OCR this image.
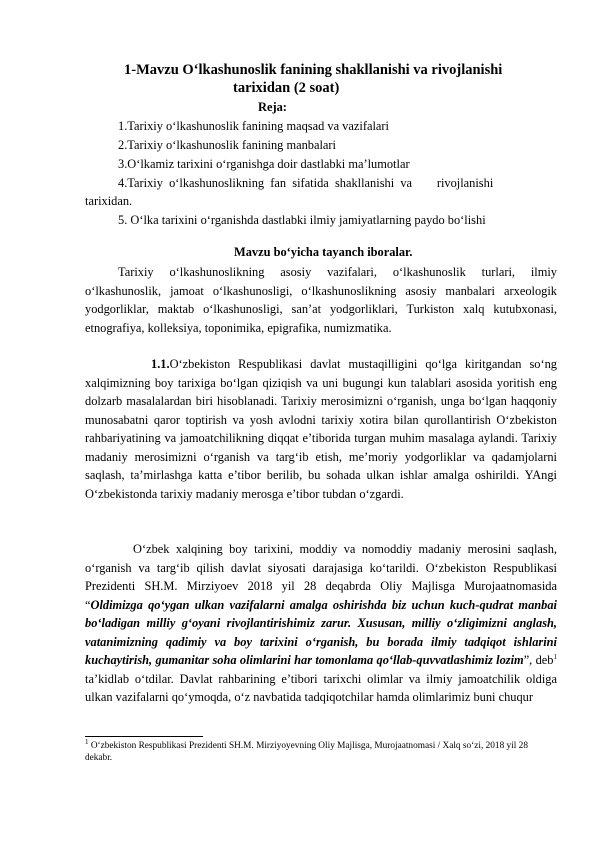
1-Mavzu O‘lkashunoslik fanining shakllanishi va rivojlanishi
tarixidan (2 soat)
Reja:
1.Tarixiy o‘lkashunoslik fanining maqsad va vazifalari
2.Tarixiy o‘lkashunoslik fanining manbalari
3.O‘lkamiz tarixini o‘rganishga doir dastlabki ma’lumotlar
4.Tarixiy  o‘lkashunoslikning  fan  sifatida  shakllanishi  va        rivojlanishi
tarixidan.
5. O‘lka tarixini o‘rganishda dastlabki ilmiy jamiyatlarning paydo bo‘lishi
Mavzu bo‘yicha tayanch iboralar.
Tarixiy o‘lkashunoslikning asosiy vazifalari, o‘lkashunoslik turlari, ilmiy o‘lkashunoslik, jamoat o‘lkashunosligi, o‘lkashunoslikning asosiy manbalari arxeologik yodgorliklar, maktab o‘lkashunosligi, san’at yodgorliklari, Turkiston xalq kutubxonasi, etnografiya, kolleksiya, toponimika, epigrafika, numizmatika.
1.1.O‘zbekiston Respublikasi davlat mustaqilligini qo‘lga kiritgandan so‘ng xalqimizning boy tarixiga bo‘lgan qiziqish va uni bugungi kun talablari asosida yoritish eng dolzarb masalalardan biri hisoblanadi. Tarixiy merosimizni o‘rganish, unga bo‘lgan haqqoniy munosabatni qaror toptirish va yosh avlodni tarixiy xotira bilan qurollantirish O‘zbekiston rahbariyatining va jamoatchilikning diqqat e’tiborida turgan muhim masalaga aylandi. Tarixiy madaniy merosimizni o‘rganish va targ‘ib etish, me’moriy yodgorliklar va qadamjolarni saqlash, ta’mirlashga katta e’tibor berilib, bu sohada ulkan ishlar amalga oshirildi. YAngi O‘zbekistonda tarixiy madaniy merosga e’tibor tubdan o‘zgardi.
O‘zbek xalqining boy tarixini, moddiy va nomoddiy madaniy merosini saqlash, o‘rganish va targ‘ib qilish davlat siyosati darajasiga ko‘tarildi. O‘zbekiston Respublikasi Prezidenti SH.M. Mirziyoev 2018 yil 28 deqabrda Oliy Majlisga Murojaatnomasida “Oldimizga qo‘ygan ulkan vazifalarni amalga oshirishda biz uchun kuch-qudrat manbai bo‘ladigan milliy g‘oyani rivojlantirishimiz zarur. Xususan, milliy o‘zligimizni anglash, vatanimizning qadimiy va boy tarixini o‘rganish, bu borada ilmiy tadqiqot ishlarini kuchaytirish, gumanitar soha olimlarini har tomonlama qo‘llab-quvvatlashimiz lozim”, deb$^1$ ta’kidlab o‘tdilar. Davlat rahbarining e’tibori tarixchi olimlar va ilmiy jamoatchilik oldiga ulkan vazifalarni qo‘ymoqda, o‘z navbatida tadqiqotchilar hamda olimlarimiz buni chuqur
$^1$ O‘zbekiston Respublikasi Prezidenti SH.M. Mirziyoyevning Oliy Majlisga, Murojaatnomasi / Xalq so‘zi, 2018 yil 28 dekabr.
